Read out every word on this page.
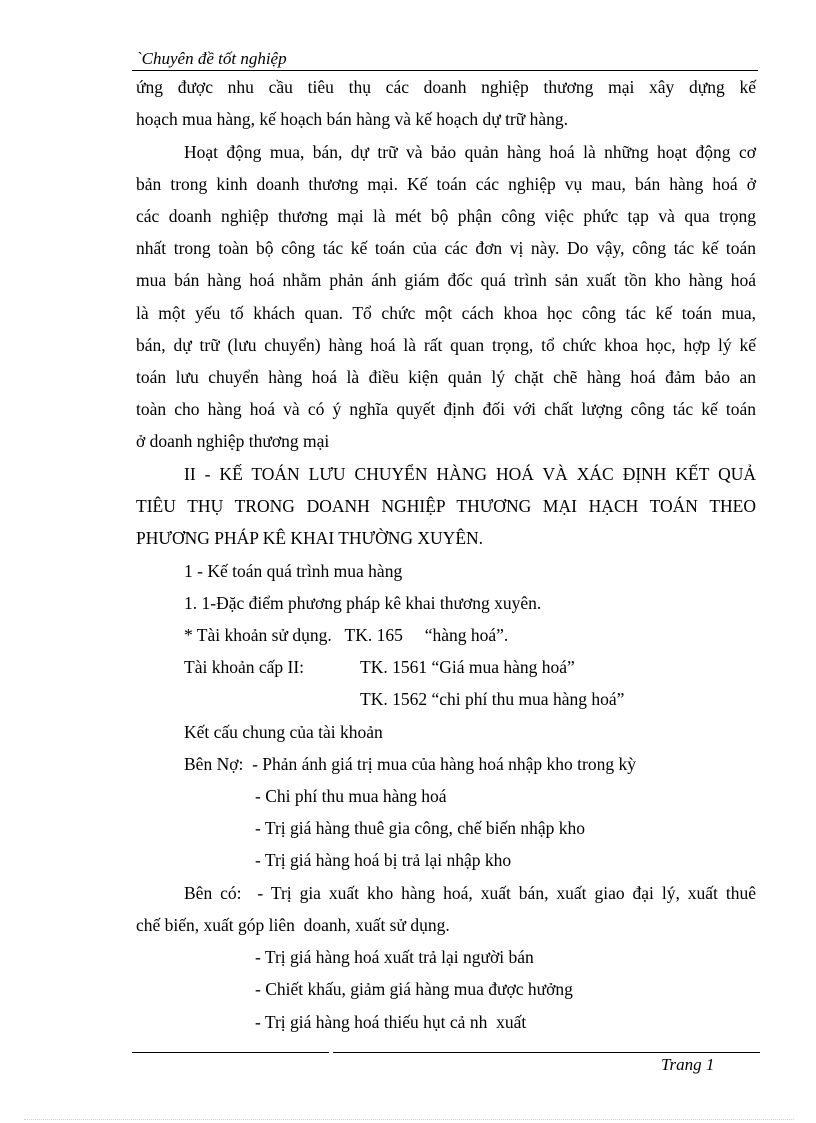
`Chuyên đề tốt nghiệp
ứng được nhu cầu tiêu thụ các doanh nghiệp thương mại xây dựng kế
hoạch mua hàng, kế hoạch bán hàng và kế hoạch dự trữ hàng.
Hoạt động mua, bán, dự trữ và bảo quản hàng hoá là những hoạt động cơ
bản trong kinh doanh thương mại. Kế toán các nghiệp vụ mau, bán hàng hoá ở
các doanh nghiệp thương mại là mét bộ phận công việc phức tạp và qua trọng
nhất trong toàn bộ công tác kế toán của các đơn vị này. Do vậy, công tác kế toán
mua bán hàng hoá nhằm phản ánh giám đốc quá trình sản xuất tồn kho hàng hoá
là một yếu tố khách quan. Tổ chức một cách khoa học công tác kế toán mua,
bán, dự trữ (lưu chuyển) hàng hoá là rất quan trọng, tổ chức khoa học, hợp lý kế
toán lưu chuyển hàng hoá là điều kiện quản lý chặt chẽ hàng hoá đảm bảo an
toàn cho hàng hoá và có ý nghĩa quyết định đối với chất lượng công tác kế toán
ở doanh nghiệp thương mại
II - KẾ TOÁN LƯU CHUYỂN HÀNG HOÁ VÀ XÁC ĐỊNH KẾT QUẢ
TIÊU THỤ TRONG DOANH NGHIỆP THƯƠNG MẠI HẠCH TOÁN THEO
PHƯƠNG PHÁP KÊ KHAI THƯỜNG XUYÊN.
1 - Kế toán quá trình mua hàng
1. 1-Đặc điểm phương pháp kê khai thương xuyên.
* Tài khoản sử dụng.   TK. 165     “hàng hoá”.
Tài khoản cấp II:	TK. 1561 “Giá mua hàng hoá”
TK. 1562 “chi phí thu mua hàng hoá”
Kết cấu chung của tài khoản
Bên Nợ:  - Phản ánh giá trị mua của hàng hoá nhập kho trong kỳ
- Chi phí thu mua hàng hoá
- Trị giá hàng thuê gia công, chế biến nhập kho
- Trị giá hàng hoá bị trả lại nhập kho
Bên có:  - Trị gia xuất kho hàng hoá, xuất bán, xuất giao đại lý, xuất thuê
chế biến, xuất góp liên  doanh, xuất sử dụng.
- Trị giá hàng hoá xuất trả lại người bán
- Chiết khấu, giảm giá hàng mua được hưởng
- Trị giá hàng hoá thiếu hụt cả nh  xuất
Trang 1
